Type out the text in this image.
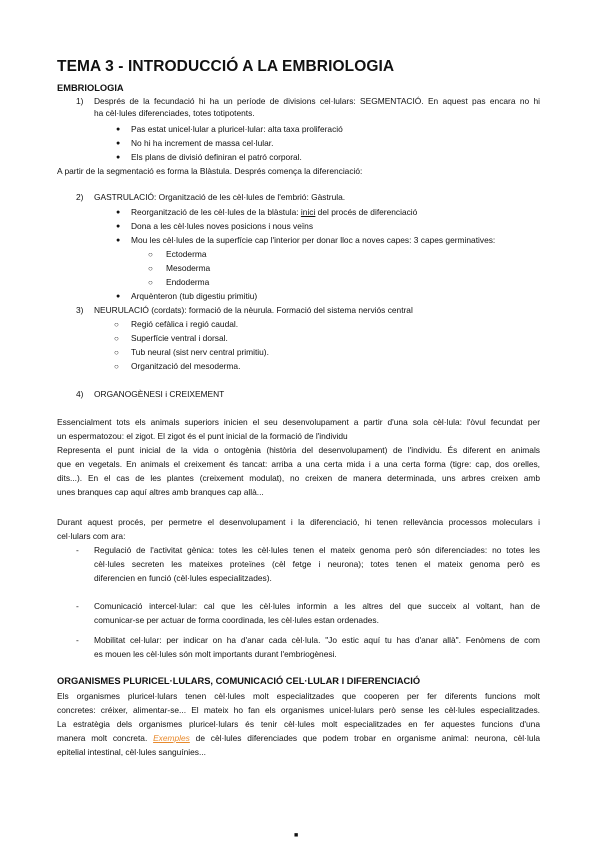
TEMA 3 - INTRODUCCIÓ A LA EMBRIOLOGIA
EMBRIOLOGIA
1) Després de la fecundació hi ha un període de divisions cel·lulars: SEGMENTACIÓ. En aquest pas encara no hi
ha cèl·lules diferenciades, totes totipotents.
● Pas estat unicel·lular a pluricel·lular: alta taxa proliferació
● No hi ha increment de massa cel·lular.
● Els plans de divisió definiran el patró corporal.
A partir de la segmentació es forma la Blàstula. Després comença la diferenciació:
2) GASTRULACIÓ: Organització de les cèl·lules de l'embrió: Gàstrula.
● Reorganització de les cèl·lules de la blàstula: inici del procés de diferenciació
● Dona a les cèl·lules noves posicions i nous veïns
● Mou les cèl·lules de la superfície cap l'interior per donar lloc a noves capes: 3 capes germinatives:
○ Ectoderma
○ Mesoderma
○ Endoderma
● Arquènteron (tub digestiu primitiu)
3) NEURULACIÓ (cordats): formació de la nèurula. Formació del sistema nerviós central
○ Regió cefàlica i regió caudal.
○ Superfície ventral i dorsal.
○ Tub neural (sist nerv central primitiu).
○ Organització del mesoderma.
4) ORGANOGÈNESI i CREIXEMENT
Essencialment tots els animals superiors inicien el seu desenvolupament a partir d'una sola cèl·lula: l'òvul fecundat per
un espermatozou: el zigot. El zigot és el punt inicial de la formació de l'individu
Representa el punt inicial de la vida o ontogènia (història del desenvolupament) de l'individu. És diferent en animals
que en vegetals. En animals el creixement és tancat: arriba a una certa mida i a una certa forma (tigre: cap, dos orelles,
dits...). En el cas de les plantes (creixement modulat), no creixen de manera determinada, uns arbres creixen amb
unes branques cap aquí altres amb branques cap allà...
Durant aquest procés, per permetre el desenvolupament i la diferenciació, hi tenen rellevància processos moleculars i
cel·lulars com ara:
- Regulació de l'activitat gènica: totes les cèl·lules tenen el mateix genoma però són diferenciades: no totes les
cèl·lules secreten les mateixes proteïnes (cèl fetge i neurona); totes tenen el mateix genoma però es
diferencien en funció (cèl·lules especialitzades).
- Comunicació intercel·lular: cal que les cèl·lules informin a les altres del que succeix al voltant, han de
comunicar-se per actuar de forma coordinada, les cèl·lules estan ordenades.
- Mobilitat cel·lular: per indicar on ha d'anar cada cèl·lula. "Jo estic aquí tu has d'anar allà". Fenòmens de com
es mouen les cèl·lules són molt importants durant l'embriogènesi.
ORGANISMES PLURICEL·LULARS, COMUNICACIÓ CEL·LULAR I DIFERENCIACIÓ
Els organismes pluricel·lulars tenen cèl·lules molt especialitzades que cooperen per fer diferents funcions molt
concretes: créixer, alimentar-se... El mateix ho fan els organismes unicel·lulars però sense les cèl·lules especialitzades.
La estratègia dels organismes pluricel·lulars és tenir cèl·lules molt especialitzades en fer aquestes funcions d'una
manera molt concreta. Exemples de cèl·lules diferenciades que podem trobar en organisme animal: neurona, cèl·lula
epitelial intestinal, cèl·lules sanguínies...
■
